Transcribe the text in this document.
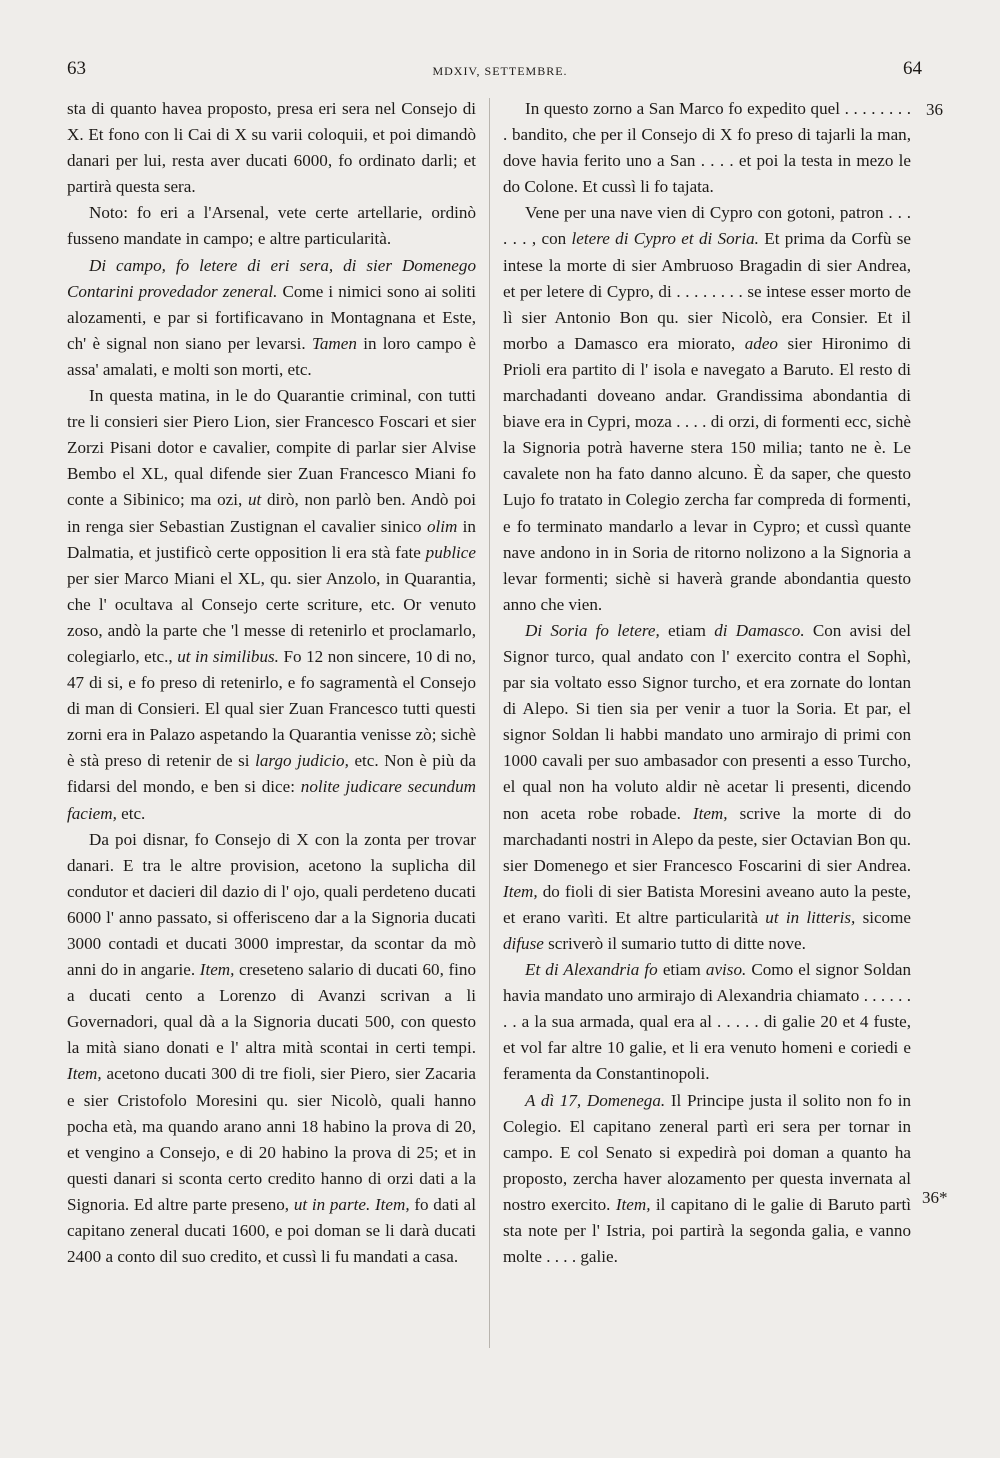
63	MDXIV, SETTEMBRE.	64

sta di quanto havea proposto, presa eri sera nel Consejo di X. Et fono con li Cai di X su varii coloquii, et poi dimandò danari per lui, resta aver ducati 6000, fo ordinato darli; et partirà questa sera.

Noto: fo eri a l'Arsenal, vete certe artellarie, ordinò fusseno mandate in campo; e altre particularità.

Di campo, fo letere di eri sera, di sier Domenego Contarini provedador zeneral. Come i nimici sono ai soliti alozamenti, e par si fortificavano in Montagnana et Este, ch' è signal non siano per levarsi. Tamen in loro campo è assa' amalati, e molti son morti, etc.

In questa matina, in le do Quarantie criminal, con tutti tre li consieri sier Piero Lion, sier Francesco Foscari et sier Zorzi Pisani dotor e cavalier, compite di parlar sier Alvise Bembo el XL, qual difende sier Zuan Francesco Miani fo conte a Sibinico; ma ozi, ut dirò, non parlò ben. Andò poi in renga sier Sebastian Zustignan el cavalier sinico olim in Dalmatia, et justificò certe opposition li era stà fate publice per sier Marco Miani el XL, qu. sier Anzolo, in Quarantia, che l' ocultava al Consejo certe scriture, etc. Or venuto zoso, andò la parte che 'l messe di retenirlo et proclamarlo, colegiarlo, etc., ut in similibus. Fo 12 non sincere, 10 di no, 47 di si, e fo preso di retenirlo, e fo sagramentà el Consejo di man di Consieri. El qual sier Zuan Francesco tutti questi zorni era in Palazo aspetando la Quarantia venisse zò; sichè è stà preso di retenir de si largo judicio, etc. Non è più da fidarsi del mondo, e ben si dice: nolite judicare secundum faciem, etc.

Da poi disnar, fo Consejo di X con la zonta per trovar danari. E tra le altre provision, acetono la suplicha dil condutor et dacieri dil dazio di l' ojo, quali perdeteno ducati 6000 l' anno passato, si offerisceno dar a la Signoria ducati 3000 contadi et ducati 3000 imprestar, da scontar da mò anni do in angarie. Item, creseteno salario di ducati 60, fino a ducati cento a Lorenzo di Avanzi scrivan a li Governadori, qual dà a la Signoria ducati 500, con questo la mità siano donati e l' altra mità scontai in certi tempi. Item, acetono ducati 300 di tre fioli, sier Piero, sier Zacaria e sier Cristofolo Moresini qu. sier Nicolò, quali hanno pocha età, ma quando arano anni 18 habino la prova di 20, et vengino a Consejo, e di 20 habino la prova di 25; et in questi danari si sconta certo credito hanno di orzi dati a la Signoria. Ed altre parte preseno, ut in parte. Item, fo dati al capitano zeneral ducati 1600, e poi doman se li darà ducati 2400 a conto dil suo credito, et cussì li fu mandati a casa.

In questo zorno a San Marco fo expedito quel . . . . . . . . . bandito, che per il Consejo di X fo preso di tajarli la man, dove havia ferito uno a San . . . . et poi la testa in mezo le do Colone. Et cussì li fo tajata.

Vene per una nave vien di Cypro con gotoni, patron . . . . . . , con letere di Cypro et di Soria. Et prima da Corfù se intese la morte di sier Ambruoso Bragadin di sier Andrea, et per letere di Cypro, di . . . . . . . . se intese esser morto de lì sier Antonio Bon qu. sier Nicolò, era Consier. Et il morbo a Damasco era miorato, adeo sier Hironimo di Prioli era partito di l' isola e navegato a Baruto. El resto di marchadanti doveano andar. Grandissima abondantia di biave era in Cypri, moza . . . . di orzi, di formenti ecc, sichè la Signoria potrà haverne stera 150 milia; tanto ne è. Le cavalete non ha fato danno alcuno. È da saper, che questo Lujo fo tratato in Colegio zercha far compreda di formenti, e fo terminato mandarlo a levar in Cypro; et cussì quante nave andono in in Soria de ritorno nolizono a la Signoria a levar formenti; sichè si haverà grande abondantia questo anno che vien.

Di Soria fo letere, etiam di Damasco. Con avisi del Signor turco, qual andato con l' exercito contra el Sophì, par sia voltato esso Signor turcho, et era zornate do lontan di Alepo. Si tien sia per venir a tuor la Soria. Et par, el signor Soldan li habbi mandato uno armirajo di primi con 1000 cavali per suo ambasador con presenti a esso Turcho, el qual non ha voluto aldir nè acetar li presenti, dicendo non aceta robe robade. Item, scrive la morte di do marchadanti nostri in Alepo da peste, sier Octavian Bon qu. sier Domenego et sier Francesco Foscarini di sier Andrea. Item, do fioli di sier Batista Moresini aveano auto la peste, et erano varìti. Et altre particularità ut in litteris, sicome difuse scriverò il sumario tutto di ditte nove.

Et di Alexandria fo etiam aviso. Como el signor Soldan havia mandato uno armirajo di Alexandria chiamato . . . . . . . . a la sua armada, qual era al . . . . . di galie 20 et 4 fuste, et vol far altre 10 galie, et li era venuto homeni e coriedi e feramenta da Constantinopoli.

A dì 17, Domenega. Il Principe justa il solito non fo in Colegio. El capitano zeneral partì eri sera per tornar in campo. E col Senato si expedirà poi doman a quanto ha proposto, zercha haver alozamento per questa invernata al nostro exercito. Item, il capitano di le galie di Baruto partì sta note per l' Istria, poi partirà la segonda galia, e vanno molte . . . . galie.

36
36*
